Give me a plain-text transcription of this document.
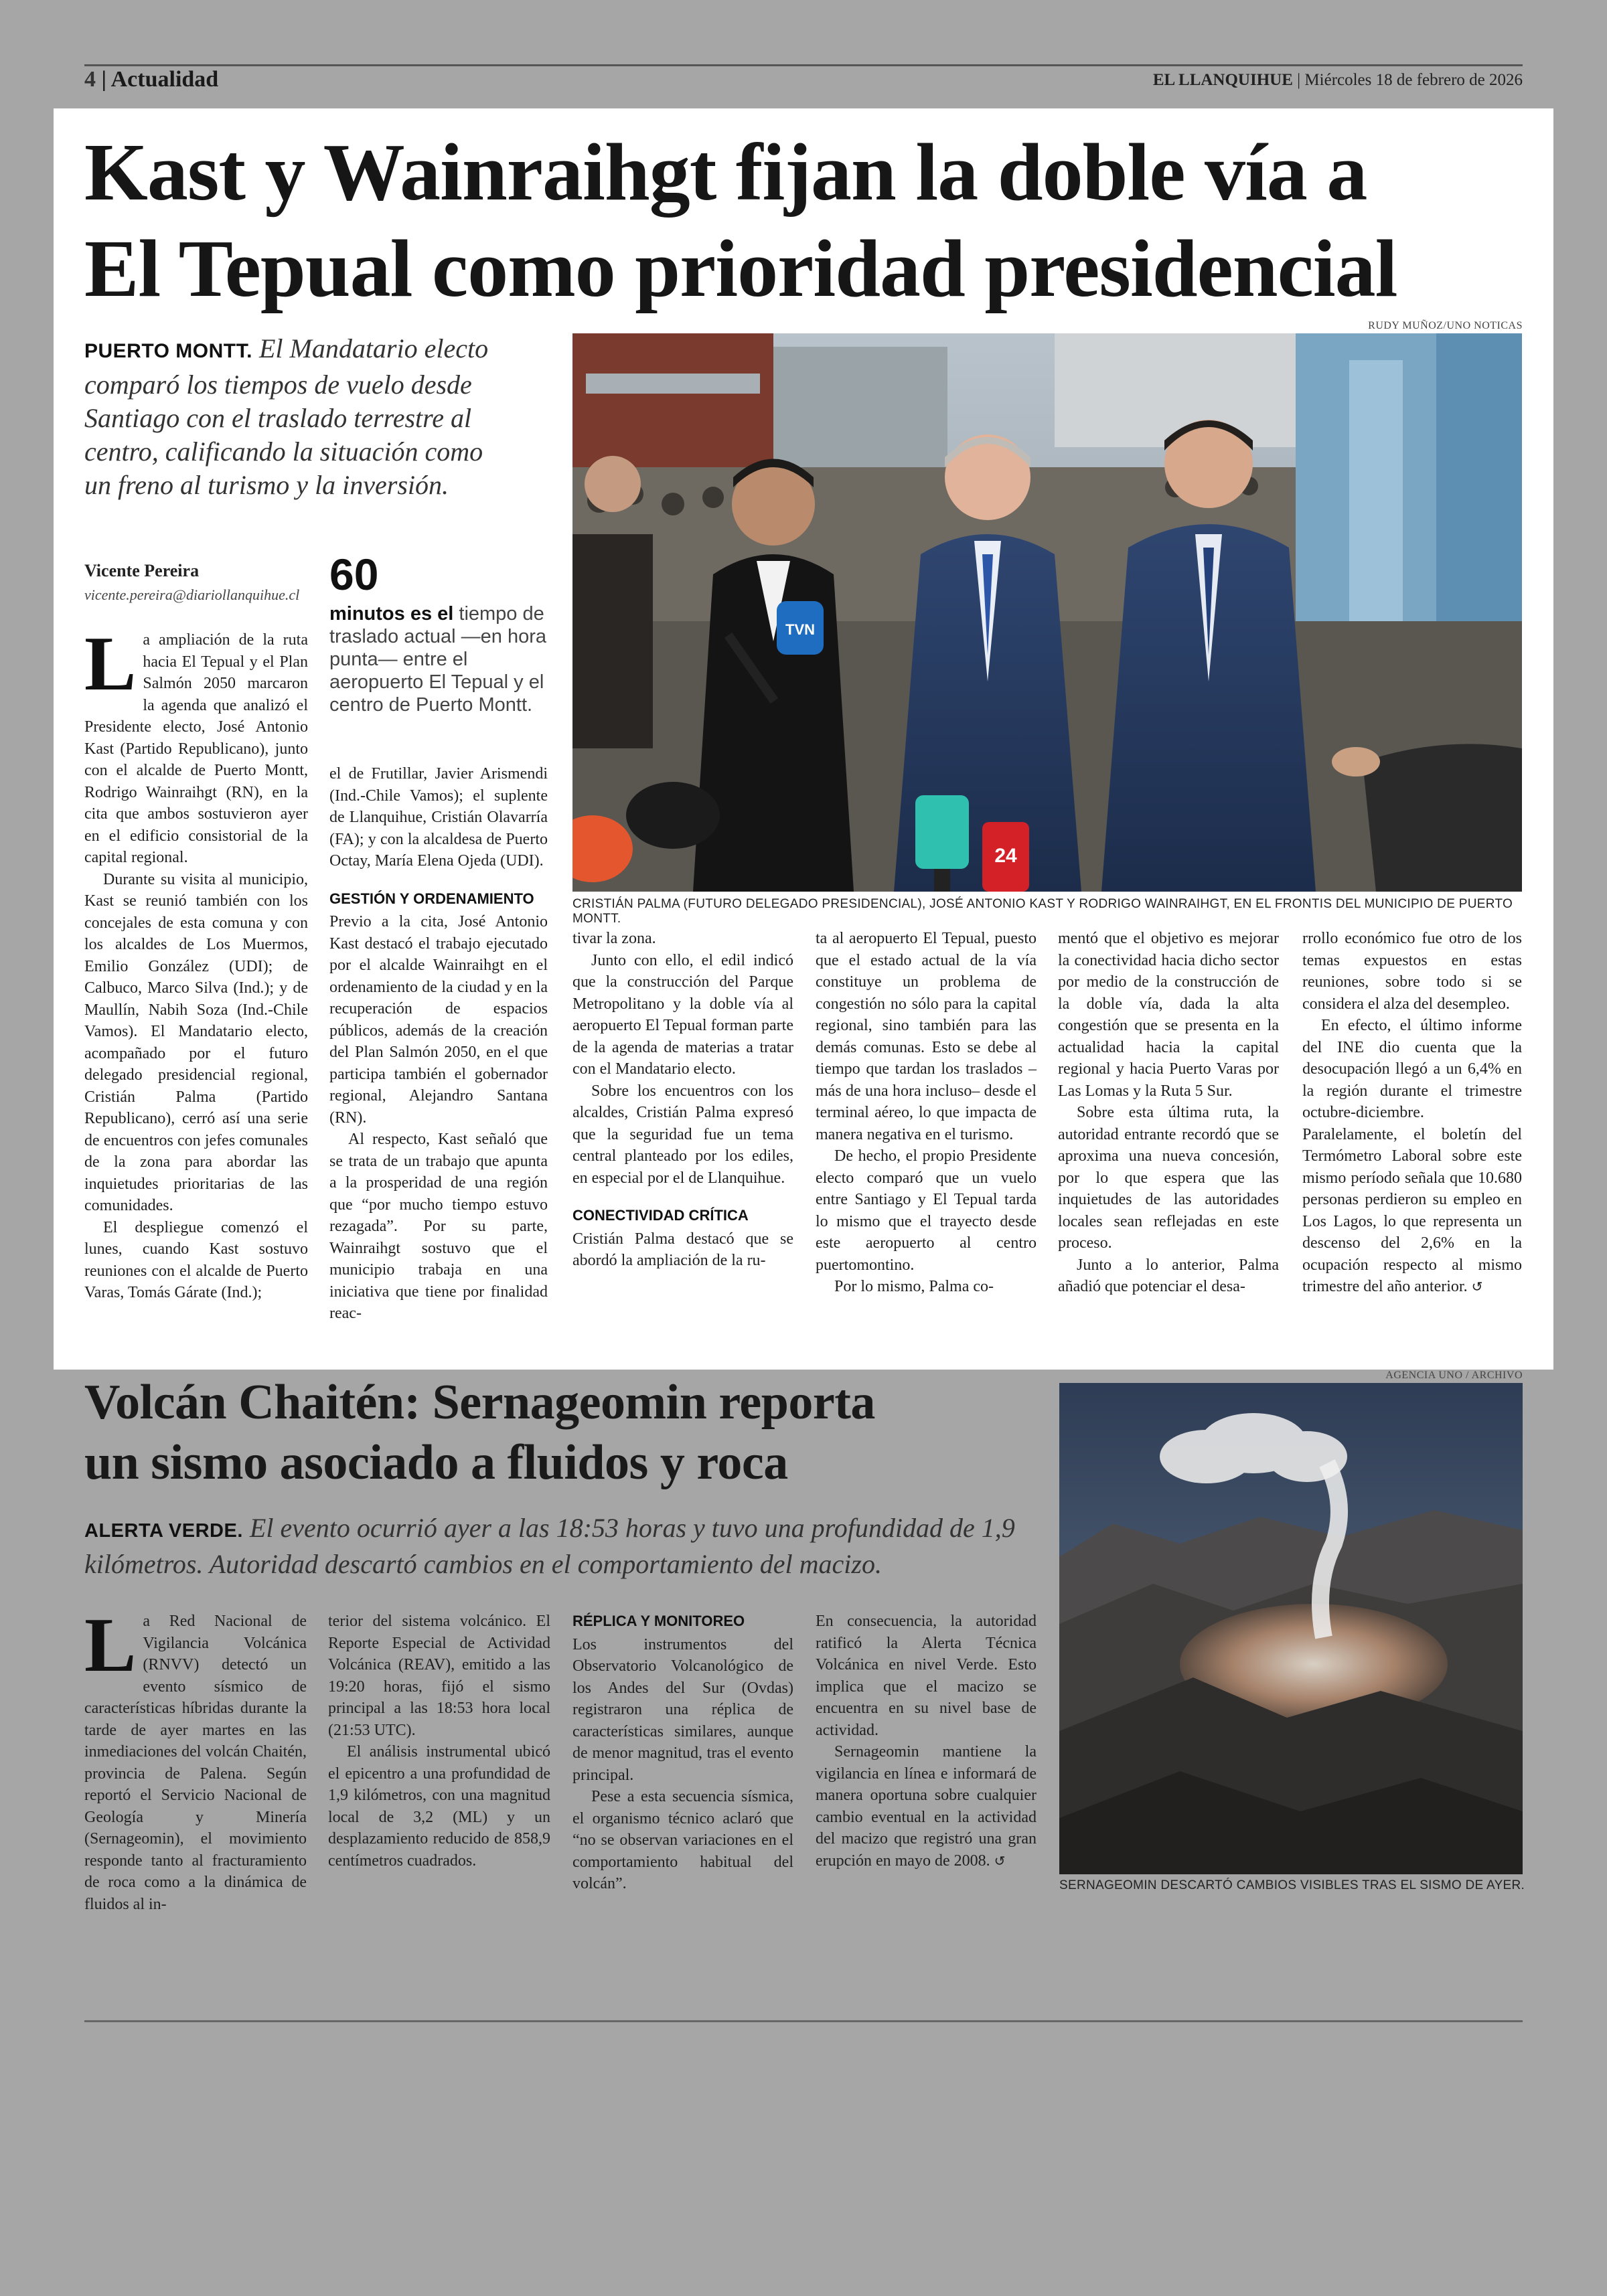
4 | Actualidad	EL LLANQUIHUE | Miércoles 18 de febrero de 2026
Kast y Wainraihgt fijan la doble vía a
El Tepual como prioridad presidencial
RUDY MUÑOZ/UNO NOTICAS
PUERTO MONTT. El Mandatario electo comparó los tiempos de vuelo desde Santiago con el traslado terrestre al centro, calificando la situación como un freno al turismo y la inversión.
Vicente Pereira
vicente.pereira@diariollanquihue.cl 60
minutos es el tiempo de traslado actual —en hora punta— entre el aeropuerto El Tepual y el centro de Puerto Montt.

La ampliación de la ruta hacia El Tepual y el Plan Salmón 2050 marcaron la agenda que analizó el Presidente electo, José Antonio Kast (Partido Republicano), junto con el alcalde de Puerto Montt, Rodrigo Wainraihgt (RN), en la cita que ambos sostuvieron ayer en el edificio consistorial de la capital regional.

Durante su visita al municipio, Kast se reunió también con los concejales de esta comuna y con los alcaldes de Los Muermos, Emilio González (UDI); de Calbuco, Marco Silva (Ind.); y de Maullín, Nabih Soza (Ind.-Chile Vamos). El Mandatario electo, acompañado por el futuro delegado presidencial regional, Cristián Palma (Partido Republicano), cerró así una serie de encuentros con jefes comunales de la zona para abordar las inquietudes prioritarias de las comunidades.

El despliegue comenzó el lunes, cuando Kast sostuvo reuniones con el alcalde de Puerto Varas, Tomás Gárate (Ind.);

el de Frutillar, Javier Arismendi (Ind.-Chile Vamos); el suplente de Llanquihue, Cristián Olavarría (FA); y con la alcaldesa de Puerto Octay, María Elena Ojeda (UDI).

GESTIÓN Y ORDENAMIENTO

Previo a la cita, José Antonio Kast destacó el trabajo ejecutado por el alcalde Wainraihgt en el ordenamiento de la ciudad y en la recuperación de espacios públicos, además de la creación del Plan Salmón 2050, en el que participa también el gobernador regional, Alejandro Santana (RN).

Al respecto, Kast señaló que se trata de un trabajo que apunta a la prosperidad de una región que “por mucho tiempo estuvo rezagada”. Por su parte, Wainraihgt sostuvo que el municipio trabaja en una iniciativa que tiene por finalidad reac-

TVN
24
CRISTIÁN PALMA (FUTURO DELEGADO PRESIDENCIAL), JOSÉ ANTONIO KAST Y RODRIGO WAINRAIHGT, EN EL FRONTIS DEL MUNICIPIO DE PUERTO MONTT.

tivar la zona.

Junto con ello, el edil indicó que la construcción del Parque Metropolitano y la doble vía al aeropuerto El Tepual forman parte de la agenda de materias a tratar con el Mandatario electo.

Sobre los encuentros con los alcaldes, Cristián Palma expresó que la seguridad fue un tema central planteado por los ediles, en especial por el de Llanquihue.

CONECTIVIDAD CRÍTICA

Cristián Palma destacó que se abordó la ampliación de la ru-

ta al aeropuerto El Tepual, puesto que el estado actual de la vía constituye un problema de congestión no sólo para la capital regional, sino también para las demás comunas. Esto se debe al tiempo que tardan los traslados –más de una hora incluso– desde el terminal aéreo, lo que impacta de manera negativa en el turismo.

De hecho, el propio Presidente electo comparó que un vuelo entre Santiago y El Tepual tarda lo mismo que el trayecto desde este aeropuerto al centro puertomontino.

Por lo mismo, Palma co-

mentó que el objetivo es mejorar la conectividad hacia dicho sector por medio de la construcción de la doble vía, dada la alta congestión que se presenta en la actualidad hacia la capital regional y hacia Puerto Varas por Las Lomas y la Ruta 5 Sur.

Sobre esta última ruta, la autoridad entrante recordó que se aproxima una nueva concesión, por lo que espera que las inquietudes de las autoridades locales sean reflejadas en este proceso.

Junto a lo anterior, Palma añadió que potenciar el desa-

rrollo económico fue otro de los temas expuestos en estas reuniones, sobre todo si se considera el alza del desempleo.

En efecto, el último informe del INE dio cuenta que la desocupación llegó a un 6,4% en la región durante el trimestre octubre-diciembre. Paralelamente, el boletín del Termómetro Laboral sobre este mismo período señala que 10.680 personas perdieron su empleo en Los Lagos, lo que representa un descenso del 2,6% en la ocupación respecto al mismo trimestre del año anterior. ↺

Volcán Chaitén: Sernageomin reporta
un sismo asociado a fluidos y roca
ALERTA VERDE. El evento ocurrió ayer a las 18:53 horas y tuvo una profundidad de 1,9 kilómetros. Autoridad descartó cambios en el comportamiento del macizo.
AGENCIA UNO / ARCHIVO
SERNAGEOMIN DESCARTÓ CAMBIOS VISIBLES TRAS EL SISMO DE AYER.

La Red Nacional de Vigilancia Volcánica (RNVV) detectó un evento sísmico de características híbridas durante la tarde de ayer martes en las inmediaciones del volcán Chaitén, provincia de Palena. Según reportó el Servicio Nacional de Geología y Minería (Sernageomin), el movimiento responde tanto al fracturamiento de roca como a la dinámica de fluidos al in-

terior del sistema volcánico. El Reporte Especial de Actividad Volcánica (REAV), emitido a las 19:20 horas, fijó el sismo principal a las 18:53 hora local (21:53 UTC).

El análisis instrumental ubicó el epicentro a una profundidad de 1,9 kilómetros, con una magnitud local de 3,2 (ML) y un desplazamiento reducido de 858,9 centímetros cuadrados.

RÉPLICA Y MONITOREO

Los instrumentos del Observatorio Volcanológico de los Andes del Sur (Ovdas) registraron una réplica de características similares, aunque de menor magnitud, tras el evento principal.

Pese a esta secuencia sísmica, el organismo técnico aclaró que “no se observan variaciones en el comportamiento habitual del volcán”.

En consecuencia, la autoridad ratificó la Alerta Técnica Volcánica en nivel Verde. Esto implica que el macizo se encuentra en su nivel base de actividad.

Sernageomin mantiene la vigilancia en línea e informará de manera oportuna sobre cualquier cambio eventual en la actividad del macizo que registró una gran erupción en mayo de 2008. ↺
